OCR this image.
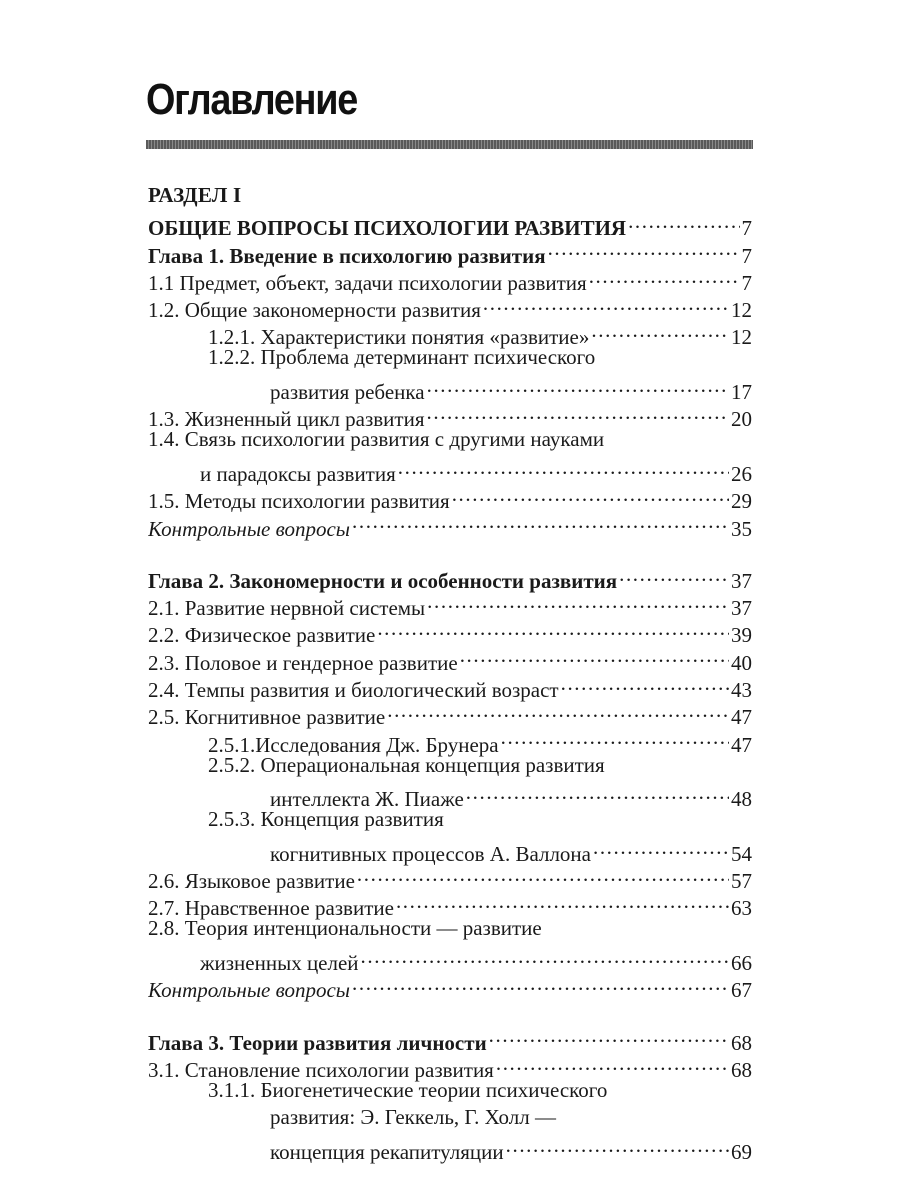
Оглавление
РАЗДЕЛ I
ОБЩИЕ ВОПРОСЫ ПСИХОЛОГИИ РАЗВИТИЯ .....	7
Глава 1. Введение в психологию развития .....	7
1.1 Предмет, объект, задачи психологии развития .....	7
1.2. Общие закономерности развития .....	12
1.2.1. Характеристики понятия «развитие» .....	12
1.2.2. Проблема детерминант психического
развития ребенка .....	17
1.3. Жизненный цикл развития .....	20
1.4. Связь психологии развития с другими науками
и парадоксы развития .....	26
1.5. Методы психологии развития .....	29
Контрольные вопросы .....	35
Глава 2. Закономерности и особенности развития .....	37
2.1. Развитие нервной системы .....	37
2.2. Физическое развитие .....	39
2.3. Половое и гендерное развитие .....	40
2.4. Темпы развития и биологический возраст .....	43
2.5. Когнитивное развитие .....	47
2.5.1.Исследования Дж. Брунера .....	47
2.5.2. Операциональная концепция развития
интеллекта Ж. Пиаже .....	48
2.5.3. Концепция развития
когнитивных процессов А. Валлона .....	54
2.6. Языковое развитие .....	57
2.7. Нравственное развитие .....	63
2.8. Теория интенциональности — развитие
жизненных целей .....	66
Контрольные вопросы .....	67
Глава 3. Теории развития личности .....	68
3.1. Становление психологии развития .....	68
3.1.1. Биогенетические теории психического
развития: Э. Геккель, Г. Холл —
концепция рекапитуляции .....	69
